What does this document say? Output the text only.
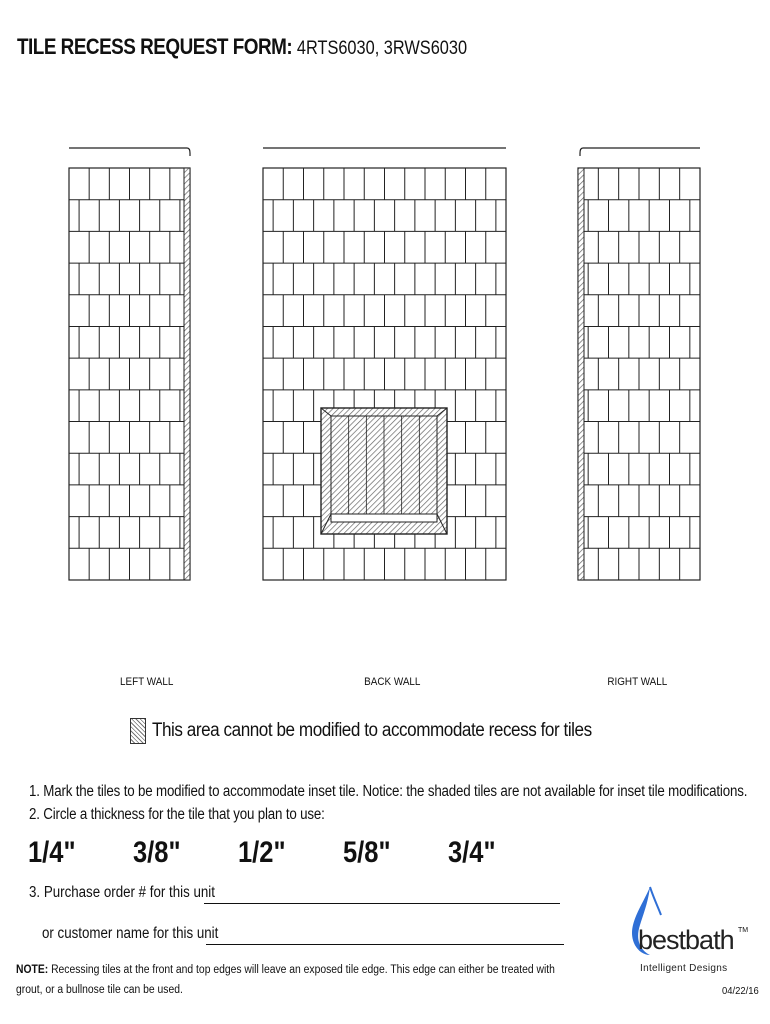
TILE RECESS REQUEST FORM: 4RTS6030, 3RWS6030
LEFT WALL	BACK WALL	RIGHT WALL
This area cannot be modified to accommodate recess for tiles
1. Mark the tiles to be modified to accommodate inset tile. Notice: the shaded tiles are not available for inset tile modifications.
2. Circle a thickness for the tile that you plan to use:
1/4" 3/8" 1/2" 5/8" 3/4"
3. Purchase order # for this unit
or customer name for this unit
NOTE: Recessing tiles at the front and top edges will leave an exposed tile edge. This edge can either be treated with grout, or a bullnose tile can be used.
bestbath TM
Intelligent Designs
04/22/16
